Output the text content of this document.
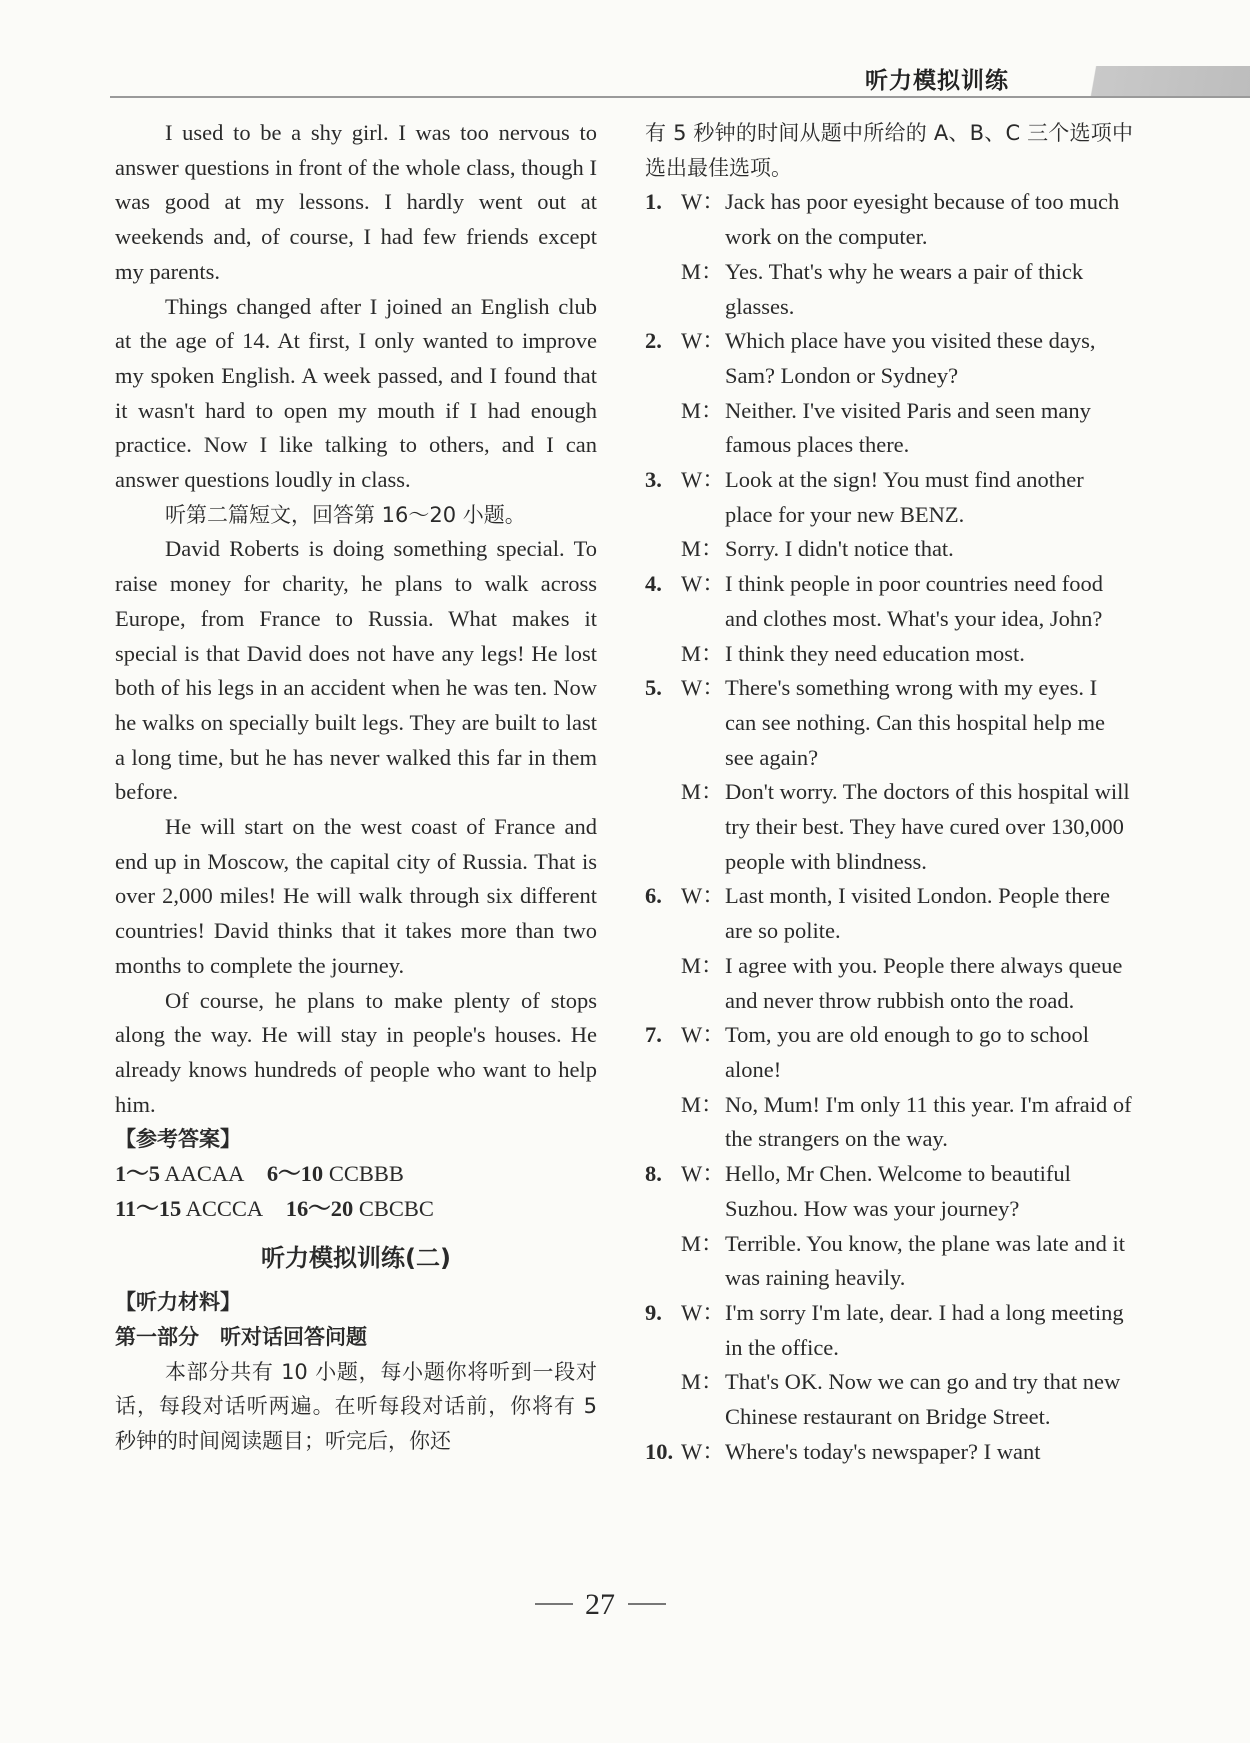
听力模拟训练

I used to be a shy girl. I was too nervous to answer questions in front of the whole class, though I was good at my lessons. I hardly went out at weekends and, of course, I had few friends except my parents.

Things changed after I joined an English club at the age of 14. At first, I only wanted to improve my spoken English. A week passed, and I found that it wasn't hard to open my mouth if I had enough practice. Now I like talking to others, and I can answer questions loudly in class.

听第二篇短文，回答第 16～20 小题。

David Roberts is doing something special. To raise money for charity, he plans to walk across Europe, from France to Russia. What makes it special is that David does not have any legs! He lost both of his legs in an accident when he was ten. Now he walks on specially built legs. They are built to last a long time, but he has never walked this far in them before.

He will start on the west coast of France and end up in Moscow, the capital city of Russia. That is over 2,000 miles! He will walk through six different countries! David thinks that it takes more than two months to complete the journey.

Of course, he plans to make plenty of stops along the way. He will stay in people's houses. He already knows hundreds of people who want to help him.

【参考答案】

1～5 AACAA 6～10 CCBBB

11～15 ACCCA 16～20 CBCBC

听力模拟训练(二)

【听力材料】

第一部分　听对话回答问题

本部分共有 10 小题，每小题你将听到一段对话，每段对话听两遍。在听每段对话前，你将有 5 秒钟的时间阅读题目；听完后，你还

有 5 秒钟的时间从题中所给的 A、B、C 三个选项中选出最佳选项。

1. W： Jack has poor eyesight because of too much work on the computer.
M： Yes. That's why he wears a pair of thick glasses.
2. W： Which place have you visited these days, Sam? London or Sydney?
M： Neither. I've visited Paris and seen many famous places there.
3. W： Look at the sign! You must find another place for your new BENZ.
M： Sorry. I didn't notice that.
4. W： I think people in poor countries need food and clothes most. What's your idea, John?
M： I think they need education most.
5. W： There's something wrong with my eyes. I can see nothing. Can this hospital help me see again?
M： Don't worry. The doctors of this hospital will try their best. They have cured over 130,000 people with blindness.
6. W： Last month, I visited London. People there are so polite.
M： I agree with you. People there always queue and never throw rubbish onto the road.
7. W： Tom, you are old enough to go to school alone!
M： No, Mum! I'm only 11 this year. I'm afraid of the strangers on the way.
8. W： Hello, Mr Chen. Welcome to beautiful Suzhou. How was your journey?
M： Terrible. You know, the plane was late and it was raining heavily.
9. W： I'm sorry I'm late, dear. I had a long meeting in the office.
M： That's OK. Now we can go and try that new Chinese restaurant on Bridge Street.
10. W： Where's today's newspaper? I want
27
